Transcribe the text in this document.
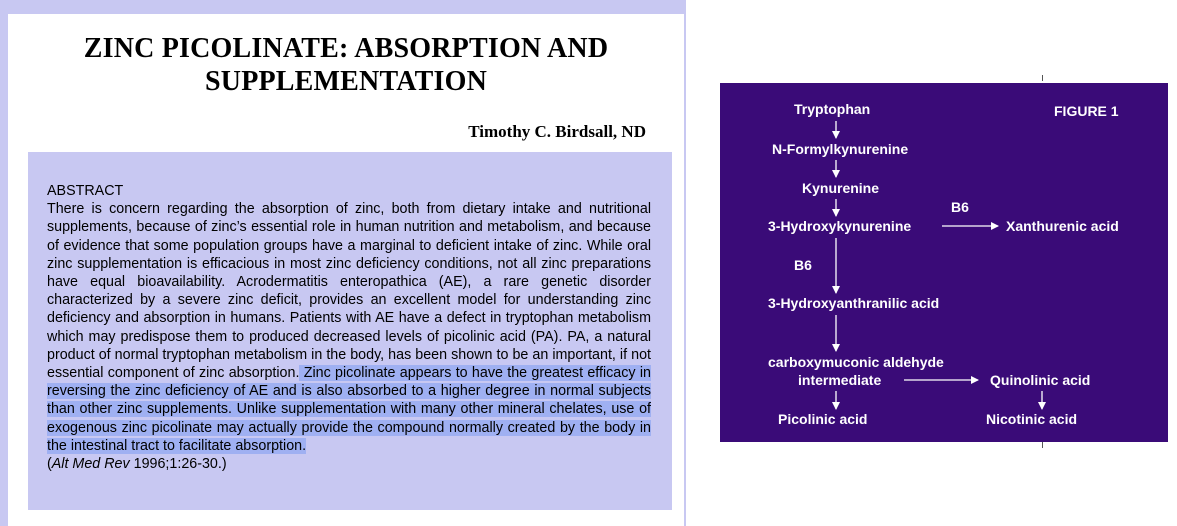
ZINC PICOLINATE: ABSORPTION AND
SUPPLEMENTATION

Timothy C. Birdsall, ND

ABSTRACT

There is concern regarding the absorption of zinc, both from dietary intake and nutritional supplements, because of zinc’s essential role in human nutrition and metabolism, and because of evidence that some population groups have a marginal to deficient intake of zinc. While oral zinc supplementation is efficacious in most zinc deficiency conditions, not all zinc preparations have equal bioavailability. Acrodermatitis enteropathica (AE), a rare genetic disorder characterized by a severe zinc deficit, provides an excellent model for understanding zinc deficiency and absorption in humans. Patients with AE have a defect in tryptophan metabolism which may predispose them to produced decreased levels of picolinic acid (PA). PA, a natural product of normal tryptophan metabolism in the body, has been shown to be an important, if not essential component of zinc absorption. Zinc picolinate appears to have the greatest efficacy in reversing the zinc deficiency of AE and is also absorbed to a higher degree in normal subjects than other zinc supplements. Unlike supplementation with many other mineral chelates, use of exogenous zinc picolinate may actually provide the compound normally created by the body in the intestinal tract to facilitate absorption.

(Alt Med Rev 1996;1:26-30.)

FIGURE 1
Tryptophan
N-Formylkynurenine
Kynurenine
3-Hydroxykynurenine
B6
Xanthurenic acid
B6
3-Hydroxyanthranilic acid
carboxymuconic aldehyde
intermediate	Quinolinic acid
Picolinic acid	Nicotinic acid
